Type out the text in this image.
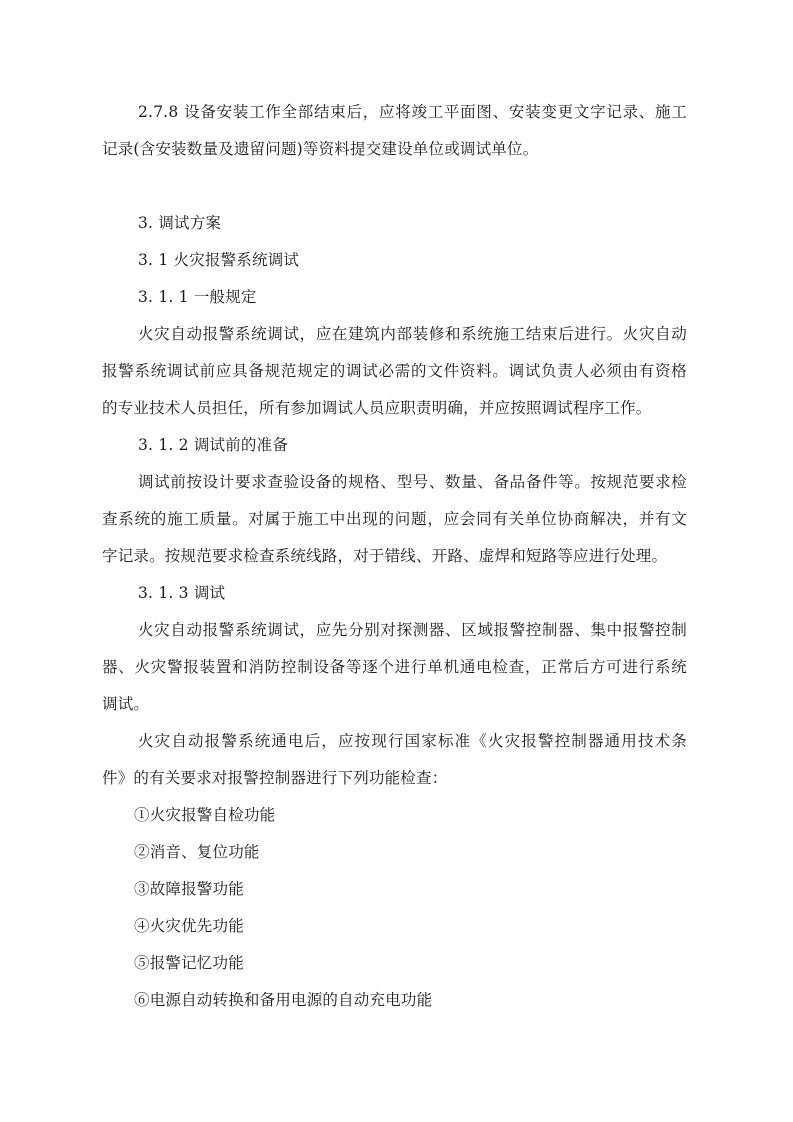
2.7.8 设备安装工作全部结束后，应将竣工平面图、安装变更文字记录、施工
记录(含安装数量及遗留问题)等资料提交建设单位或调试单位。
3. 调试方案
3. 1 火灾报警系统调试
3. 1. 1 一般规定
火灾自动报警系统调试，应在建筑内部装修和系统施工结束后进行。火灾自动
报警系统调试前应具备规范规定的调试必需的文件资料。调试负责人必须由有资格
的专业技术人员担任，所有参加调试人员应职责明确，并应按照调试程序工作。
3. 1. 2 调试前的准备
调试前按设计要求查验设备的规格、型号、数量、备品备件等。按规范要求检
查系统的施工质量。对属于施工中出现的问题，应会同有关单位协商解决，并有文
字记录。按规范要求检查系统线路，对于错线、开路、虚焊和短路等应进行处理。
3. 1. 3 调试
火灾自动报警系统调试，应先分别对探测器、区域报警控制器、集中报警控制
器、火灾警报装置和消防控制设备等逐个进行单机通电检查，正常后方可进行系统
调试。
火灾自动报警系统通电后，应按现行国家标准《火灾报警控制器通用技术条
件》的有关要求对报警控制器进行下列功能检查：
①火灾报警自检功能
②消音、复位功能
③故障报警功能
④火灾优先功能
⑤报警记忆功能
⑥电源自动转换和备用电源的自动充电功能
